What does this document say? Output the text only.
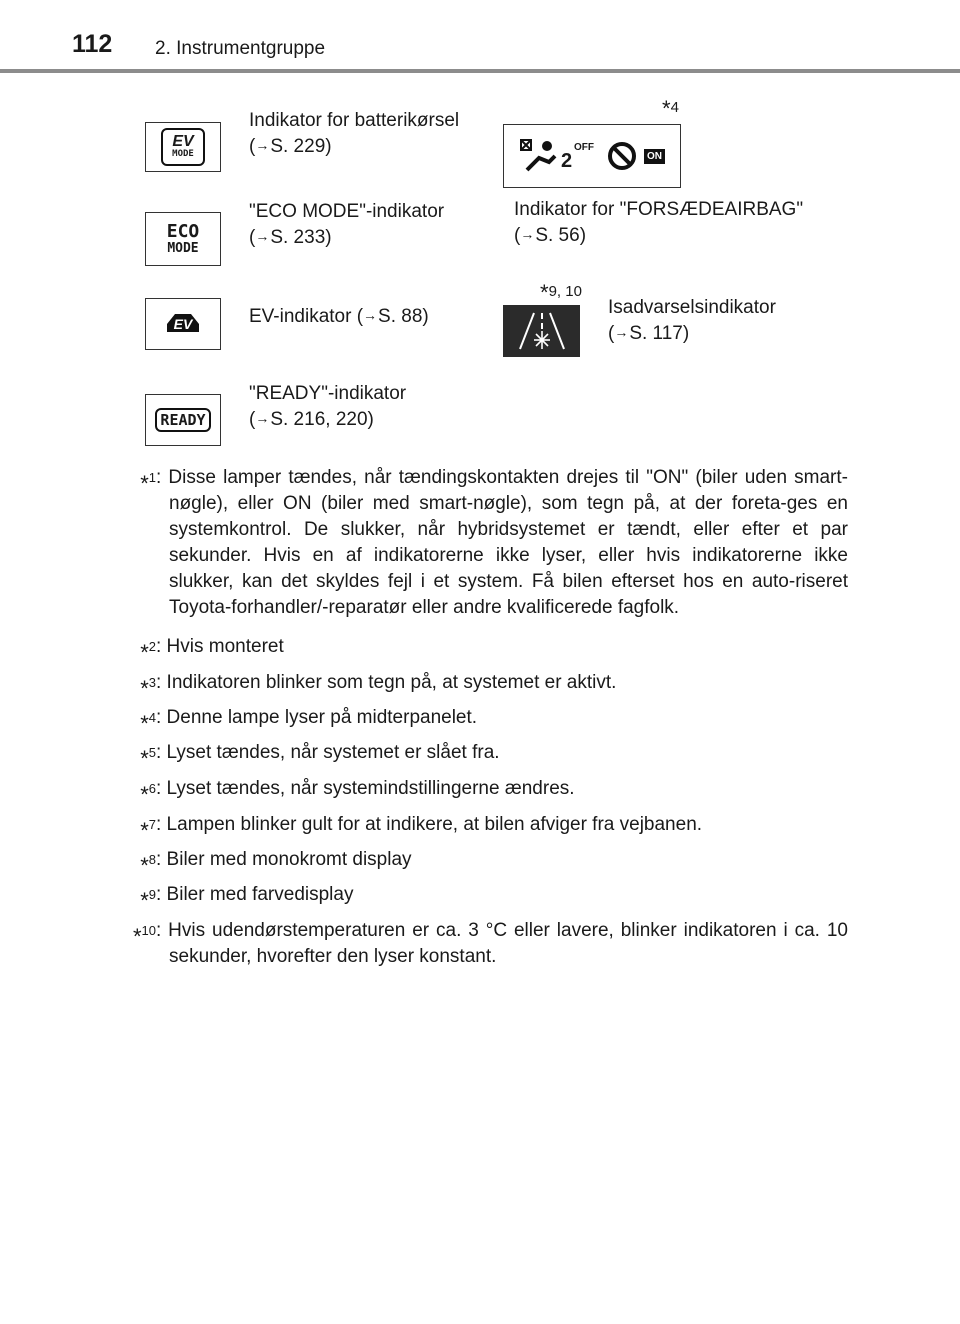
112 2. Instrumentgruppe
EV
MODE
Indikator for batterikørsel
(→S. 229)
ECO
MODE
"ECO MODE"-indikator
(→S. 233)
EV	EV-indikator (→S. 88)
READY
"READY"-indikator
(→S. 216, 220)
*4
2
OFF
ON
Indikator for "FORSÆDEAIRBAG"
(→S. 56)
*9, 10
Isadvarselsindikator
(→S. 117)
*$^1$ : Disse lamper tændes, når tændingskontakten drejes til "ON" (biler uden smart-nøgle), eller ON (biler med smart-nøgle), som tegn på, at der foreta-ges en systemkontrol. De slukker, når hybridsystemet er tændt, eller efter et par sekunder. Hvis en af indikatorerne ikke lyser, eller hvis indikatorerne ikke slukker, kan det skyldes fejl i et system. Få bilen efterset hos en auto-riseret Toyota-forhandler/-reparatør eller andre kvalificerede fagfolk.
*$^2$ : Hvis monteret
*$^3$ : Indikatoren blinker som tegn på, at systemet er aktivt.
*$^4$ : Denne lampe lyser på midterpanelet.
*$^5$ : Lyset tændes, når systemet er slået fra.
*$^6$ : Lyset tændes, når systemindstillingerne ændres.
*$^7$ : Lampen blinker gult for at indikere, at bilen afviger fra vejbanen.
*$^8$ : Biler med monokromt display
*$^9$ : Biler med farvedisplay
*$^{10}$ : Hvis udendørstemperaturen er ca. 3 °C eller lavere, blinker indikatoren i ca. 10 sekunder, hvorefter den lyser konstant.
